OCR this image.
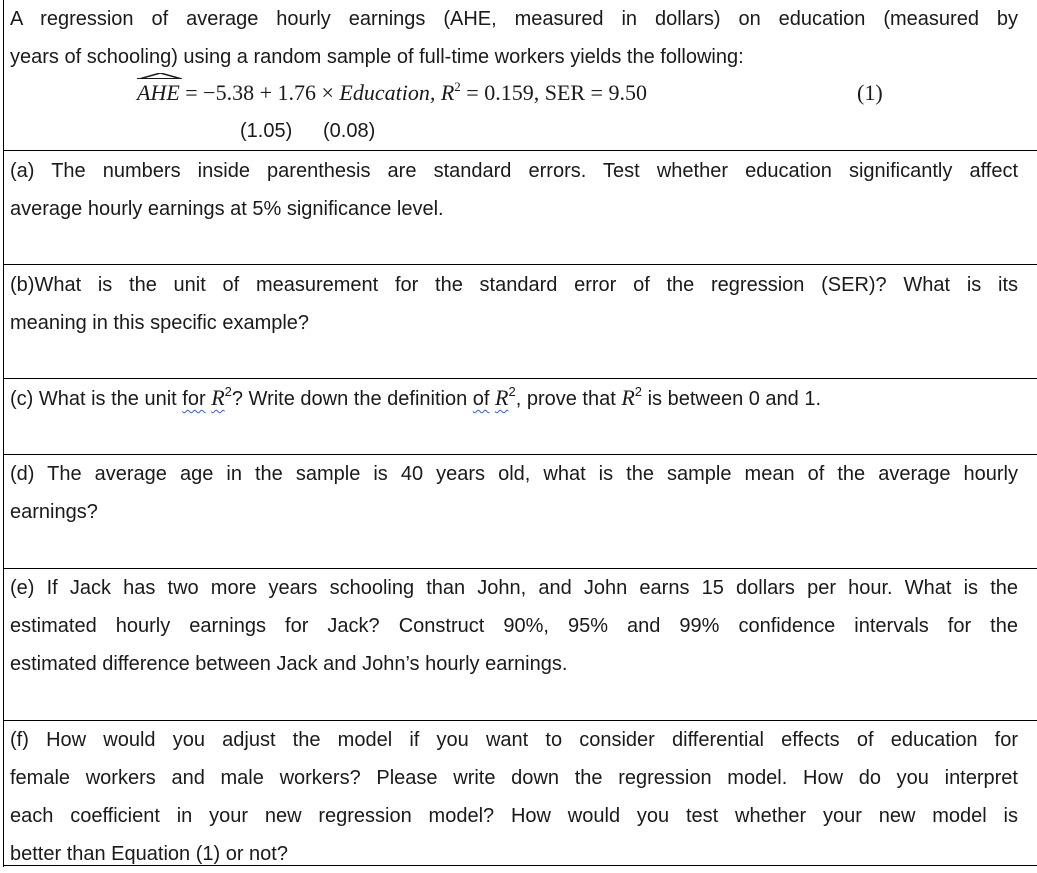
A regression of average hourly earnings (AHE, measured in dollars) on education (measured by
years of schooling) using a random sample of full-time workers yields the following:
AHE = −5.38 + 1.76 × Education, $R^2 = 0.159$, SER = 9.50	(1)
(1.05) (0.08)
(a) The numbers inside parenthesis are standard errors. Test whether education significantly affect
average hourly earnings at 5% significance level.
(b)What is the unit of measurement for the standard error of the regression (SER)? What is its
meaning in this specific example?
(c) What is the unit for $R^2$? Write down the definition of $R^2$, prove that $R^2$ is between 0 and 1.
(d) The average age in the sample is 40 years old, what is the sample mean of the average hourly
earnings?
(e) If Jack has two more years schooling than John, and John earns 15 dollars per hour. What is the
estimated hourly earnings for Jack? Construct 90%, 95% and 99% confidence intervals for the
estimated difference between Jack and John’s hourly earnings.
(f) How would you adjust the model if you want to consider differential effects of education for
female workers and male workers? Please write down the regression model. How do you interpret
each coefficient in your new regression model? How would you test whether your new model is
better than Equation (1) or not?
